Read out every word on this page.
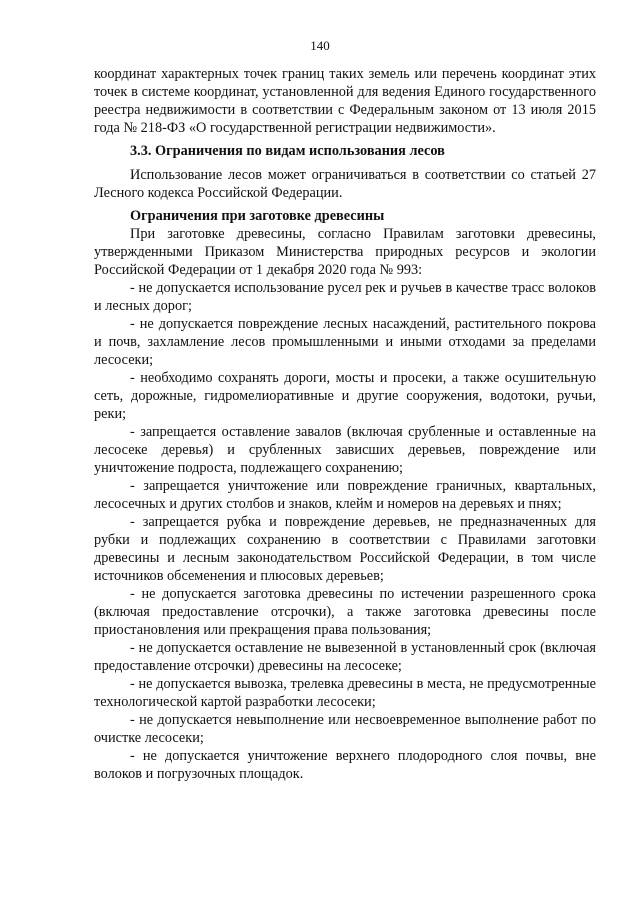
140

координат характерных точек границ таких земель или перечень координат этих точек в системе координат, установленной для ведения Единого государственного реестра недвижимости в соответствии с Федеральным законом от 13 июля 2015 года № 218-ФЗ «О государственной регистрации недвижимости».

3.3. Ограничения по видам использования лесов

Использование лесов может ограничиваться в соответствии со статьей 27 Лесного кодекса Российской Федерации.

Ограничения при заготовке древесины

При заготовке древесины, согласно Правилам заготовки древесины, утвержденными Приказом Министерства природных ресурсов и экологии Российской Федерации от 1 декабря 2020 года № 993:

- не допускается использование русел рек и ручьев в качестве трасс волоков и лесных дорог;

- не допускается повреждение лесных насаждений, растительного покрова и почв, захламление лесов промышленными и иными отходами за пределами лесосеки;

- необходимо сохранять дороги, мосты и просеки, а также осушительную сеть, дорожные, гидромелиоративные и другие сооружения, водотоки, ручьи, реки;

- запрещается оставление завалов (включая срубленные и оставленные на лесосеке деревья) и срубленных зависших деревьев, повреждение или уничтожение подроста, подлежащего сохранению;

- запрещается уничтожение или повреждение граничных, квартальных, лесосечных и других столбов и знаков, клейм и номеров на деревьях и пнях;

- запрещается рубка и повреждение деревьев, не предназначенных для рубки и подлежащих сохранению в соответствии с Правилами заготовки древесины и лесным законодательством Российской Федерации, в том числе источников обсеменения и плюсовых деревьев;

- не допускается заготовка древесины по истечении разрешенного срока (включая предоставление отсрочки), а также заготовка древесины после приостановления или прекращения права пользования;

- не допускается оставление не вывезенной в установленный срок (включая предоставление отсрочки) древесины на лесосеке;

- не допускается вывозка, трелевка древесины в места, не предусмотренные технологической картой разработки лесосеки;

- не допускается невыполнение или несвоевременное выполнение работ по очистке лесосеки;

- не допускается уничтожение верхнего плодородного слоя почвы, вне волоков и погрузочных площадок.
